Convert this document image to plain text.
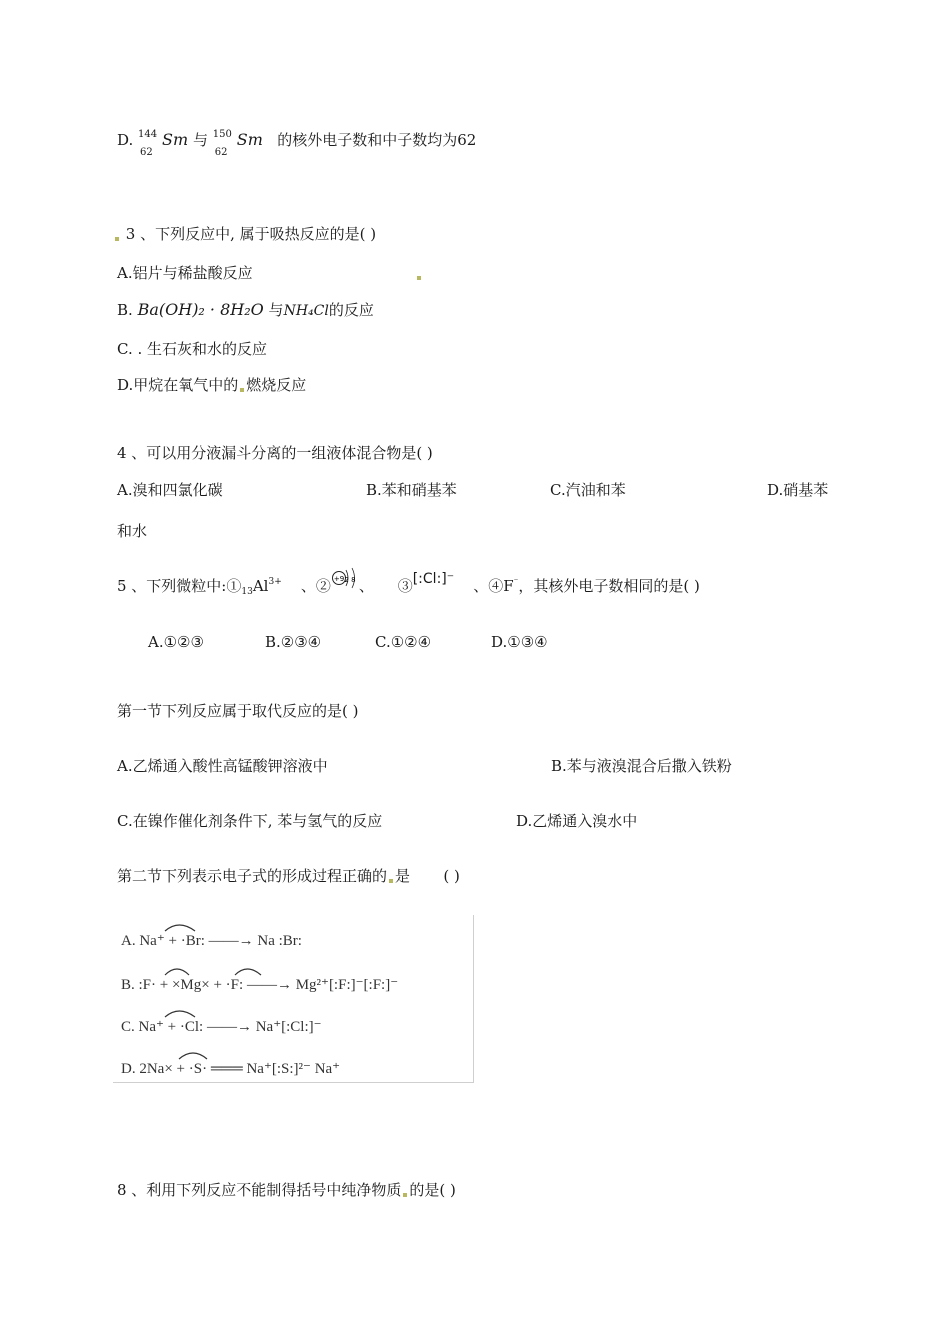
D. 144
62
Sm 与 150
62
Sm 的核外电子数和中子数均为62
3 、下列反应中, 属于吸热反应的是( )
A.铝片与稀盐酸反应
B. Ba(OH)₂ · 8H₂O 与NH₄Cl的反应
C. . 生石灰和水的反应
D.甲烷在氧气中的 燃烧反应
4 、可以用分液漏斗分离的一组液体混合物是( )
A.溴和四氯化碳	B.苯和硝基苯	C.汽油和苯	D.硝基苯
和水
5 、下列微粒中$:①_{13}Al^{3+}$ 、② +9 2 8 、 ③[:Cl:]⁻ 、④F⁻，其核外电子数相同的是( )
A.①②③	B.②③④	C.①②④	D.①③④
第一节下列反应属于取代反应的是( )
A.乙烯通入酸性高锰酸钾溶液中	B.苯与液溴混合后撒入铁粉
C.在镍作催化剂条件下, 苯与氢气的反应	D.乙烯通入溴水中
第二节下列表示电子式的形成过程正确的 是 ( )
A. Na⁺ + ·Br: ——→ Na :Br:
B. :F· + ×Mg× + ·F: ——→ Mg²⁺[:F:]⁻[:F:]⁻
C. Na⁺ + ·Cl: ——→ Na⁺[:Cl:]⁻
D. 2Na× + ·S· ═══ Na⁺[:S:]²⁻ Na⁺
8 、利用下列反应不能制得括号中纯净物质 的是( )
